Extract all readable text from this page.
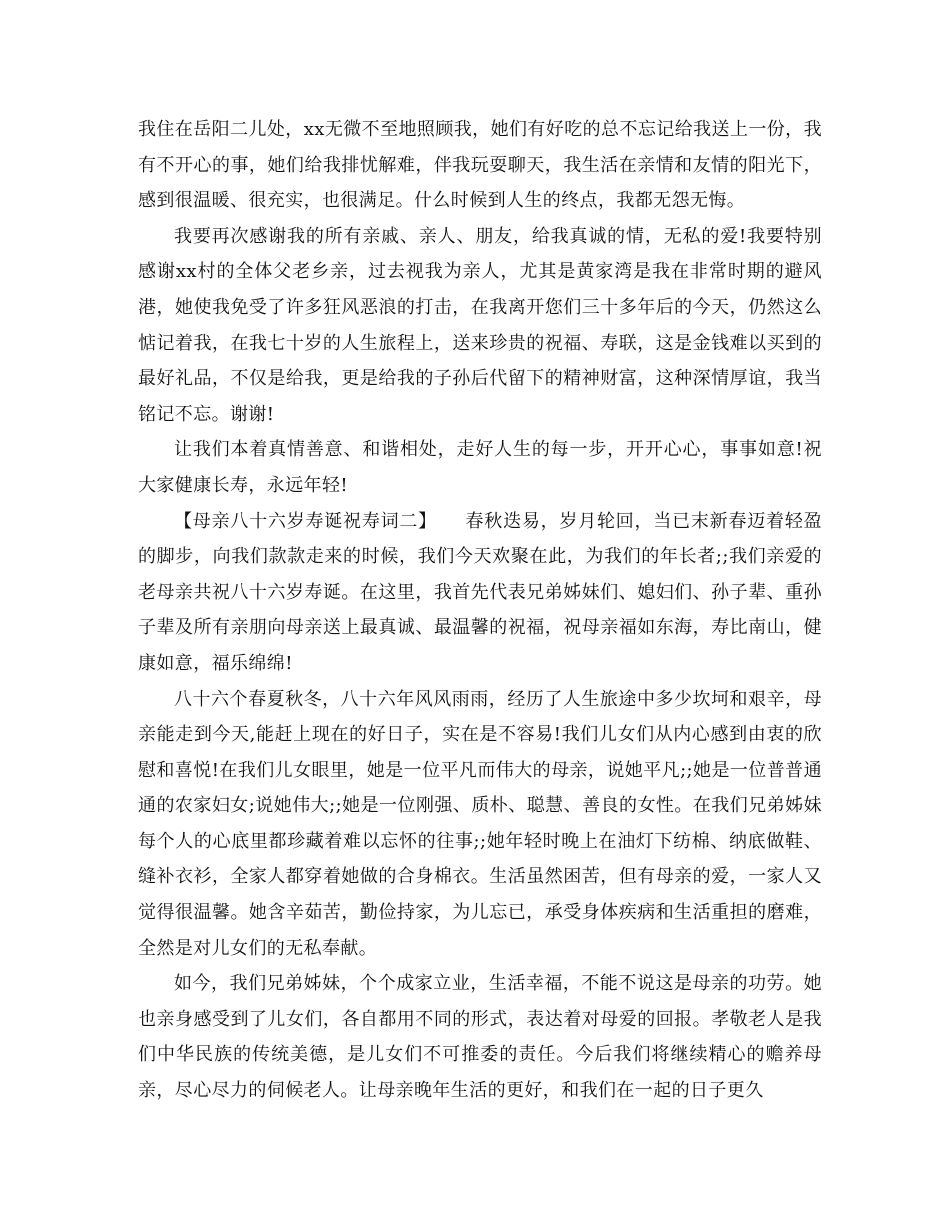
我住在岳阳二儿处，xx无微不至地照顾我，她们有好吃的总不忘记给我送上一份，我有不开心的事，她们给我排忧解难，伴我玩耍聊天，我生活在亲情和友情的阳光下，感到很温暖、很充实，也很满足。什么时候到人生的终点，我都无怨无悔。

我要再次感谢我的所有亲戚、亲人、朋友，给我真诚的情，无私的爱!我要特别感谢xx村的全体父老乡亲，过去视我为亲人，尤其是黄家湾是我在非常时期的避风港，她使我免受了许多狂风恶浪的打击，在我离开您们三十多年后的今天，仍然这么惦记着我，在我七十岁的人生旅程上，送来珍贵的祝福、寿联，这是金钱难以买到的最好礼品，不仅是给我，更是给我的子孙后代留下的精神财富，这种深情厚谊，我当铭记不忘。谢谢!

让我们本着真情善意、和谐相处，走好人生的每一步，开开心心，事事如意!祝大家健康长寿，永远年轻!

【母亲八十六岁寿诞祝寿词二】　　春秋迭易，岁月轮回，当已末新春迈着轻盈的脚步，向我们款款走来的时候，我们今天欢聚在此，为我们的年长者;;我们亲爱的老母亲共祝八十六岁寿诞。在这里，我首先代表兄弟姊妹们、媳妇们、孙子辈、重孙子辈及所有亲朋向母亲送上最真诚、最温馨的祝福，祝母亲福如东海，寿比南山，健康如意，福乐绵绵!

八十六个春夏秋冬，八十六年风风雨雨，经历了人生旅途中多少坎坷和艰辛，母亲能走到今天,能赶上现在的好日子，实在是不容易!我们儿女们从内心感到由衷的欣慰和喜悦!在我们儿女眼里，她是一位平凡而伟大的母亲，说她平凡;;她是一位普普通通的农家妇女;说她伟大;;她是一位刚强、质朴、聪慧、善良的女性。在我们兄弟姊妹每个人的心底里都珍藏着难以忘怀的往事;;她年轻时晚上在油灯下纺棉、纳底做鞋、缝补衣衫，全家人都穿着她做的合身棉衣。生活虽然困苦，但有母亲的爱，一家人又觉得很温馨。她含辛茹苦，勤俭持家，为儿忘已，承受身体疾病和生活重担的磨难，全然是对儿女们的无私奉献。

如今，我们兄弟姊妹，个个成家立业，生活幸福，不能不说这是母亲的功劳。她也亲身感受到了儿女们，各自都用不同的形式，表达着对母爱的回报。孝敬老人是我们中华民族的传统美德，是儿女们不可推委的责任。今后我们将继续精心的赡养母亲，尽心尽力的伺候老人。让母亲晚年生活的更好，和我们在一起的日子更久
